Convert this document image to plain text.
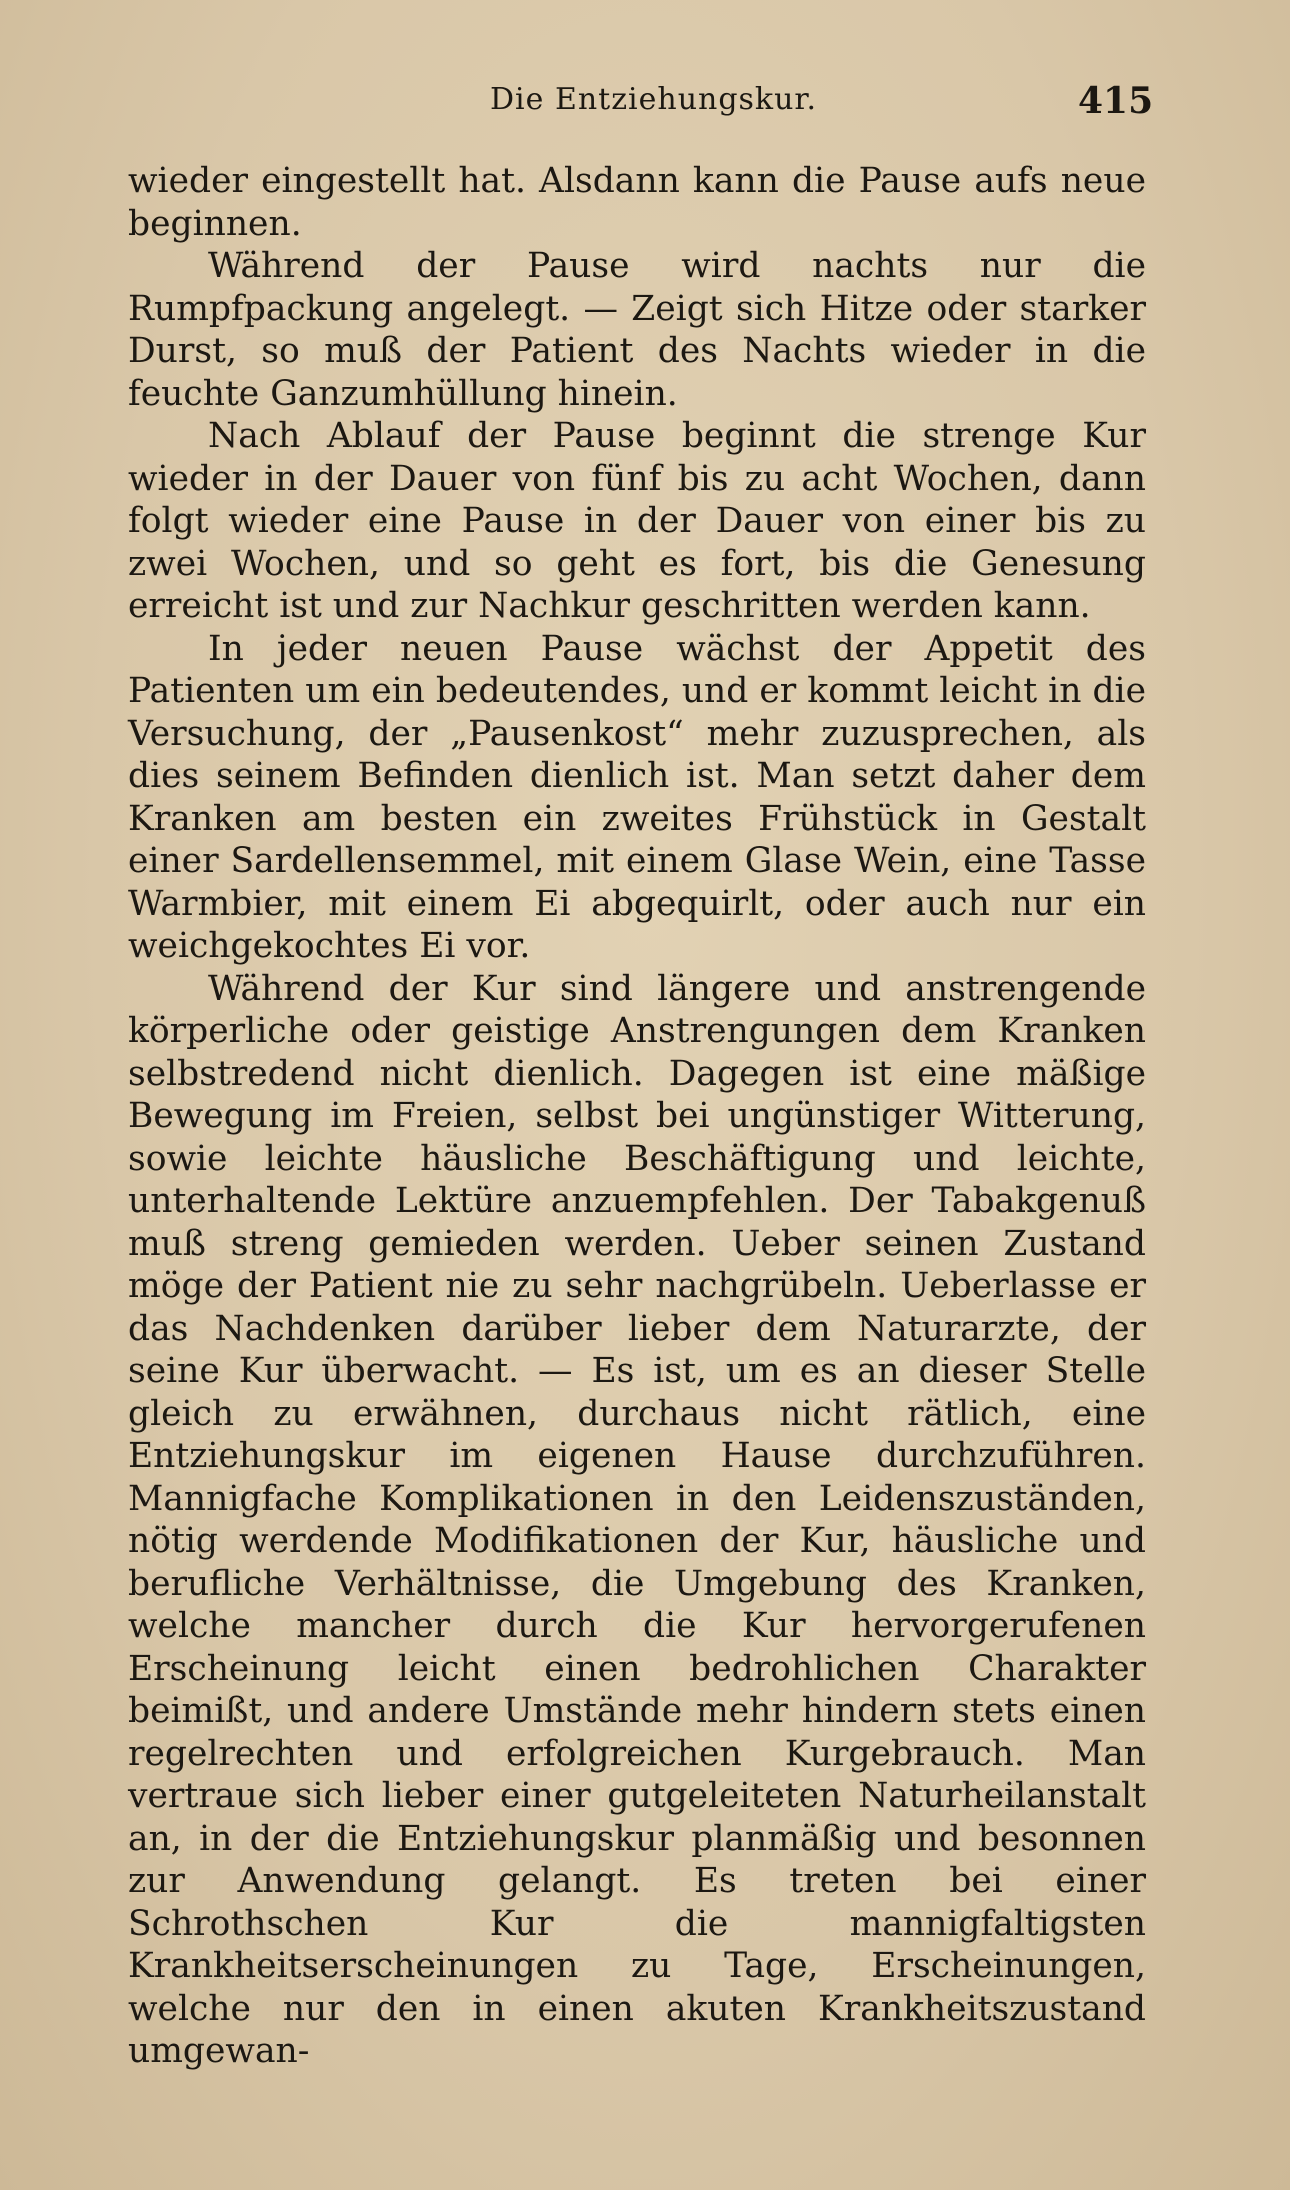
Die Entziehungskur.	415

wieder eingestellt hat. Alsdann kann die Pause aufs neue beginnen.

Während der Pause wird nachts nur die Rumpfpackung angelegt. — Zeigt sich Hitze oder starker Durst, so muß der Patient des Nachts wieder in die feuchte Ganzumhüllung hinein.

Nach Ablauf der Pause beginnt die strenge Kur wieder in der Dauer von fünf bis zu acht Wochen, dann folgt wieder eine Pause in der Dauer von einer bis zu zwei Wochen, und so geht es fort, bis die Genesung erreicht ist und zur Nachkur geschritten werden kann.

In jeder neuen Pause wächst der Appetit des Patienten um ein bedeutendes, und er kommt leicht in die Versuchung, der „Pausenkost“ mehr zuzusprechen, als dies seinem Befinden dienlich ist. Man setzt daher dem Kranken am besten ein zweites Frühstück in Gestalt einer Sardellensemmel, mit einem Glase Wein, eine Tasse Warmbier, mit einem Ei abgequirlt, oder auch nur ein weichgekochtes Ei vor.

Während der Kur sind längere und anstrengende körperliche oder geistige Anstrengungen dem Kranken selbstredend nicht dienlich. Dagegen ist eine mäßige Bewegung im Freien, selbst bei ungünstiger Witterung, sowie leichte häusliche Beschäftigung und leichte, unterhaltende Lektüre anzuempfehlen. Der Tabakgenuß muß streng gemieden werden. Ueber seinen Zustand möge der Patient nie zu sehr nachgrübeln. Ueberlasse er das Nachdenken darüber lieber dem Naturarzte, der seine Kur überwacht. — Es ist, um es an dieser Stelle gleich zu erwähnen, durchaus nicht rätlich, eine Entziehungskur im eigenen Hause durchzuführen. Mannigfache Komplikationen in den Leidenszuständen, nötig werdende Modifikationen der Kur, häusliche und berufliche Verhältnisse, die Umgebung des Kranken, welche mancher durch die Kur hervorgerufenen Erscheinung leicht einen bedrohlichen Charakter beimißt, und andere Umstände mehr hindern stets einen regelrechten und erfolgreichen Kurgebrauch. Man vertraue sich lieber einer gutgeleiteten Naturheilanstalt an, in der die Entziehungskur planmäßig und besonnen zur Anwendung gelangt. Es treten bei einer Schrothschen Kur die mannigfaltigsten Krankheitserscheinungen zu Tage, Erscheinungen, welche nur den in einen akuten Krankheitszustand umgewan-
